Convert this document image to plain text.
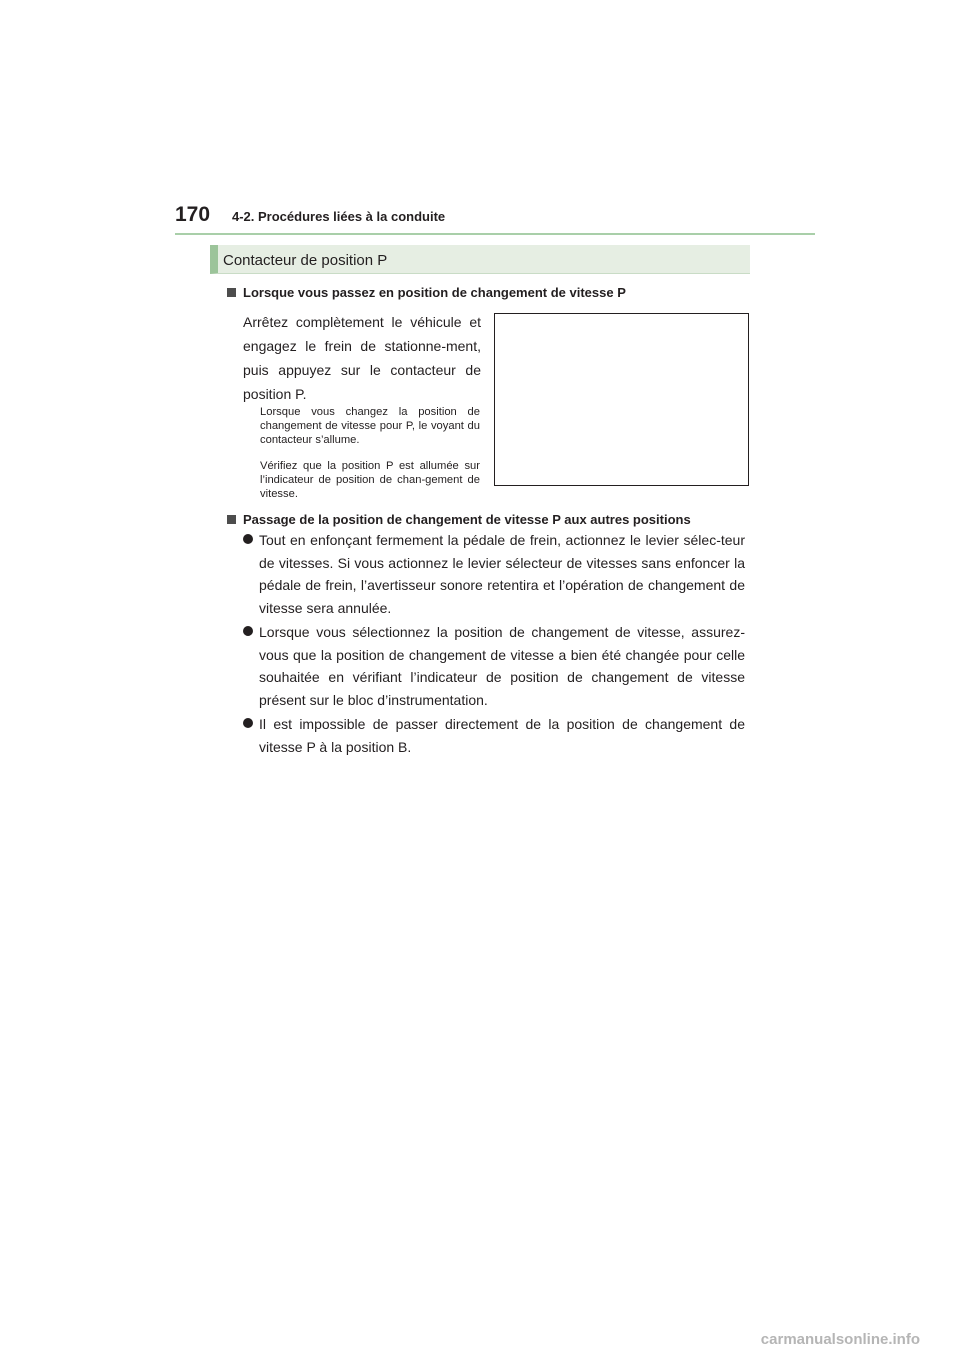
170 4-2. Procédures liées à la conduite
Contacteur de position P
Lorsque vous passez en position de changement de vitesse P
Arrêtez complètement le véhicule et engagez le frein de stationne-ment, puis appuyez sur le contacteur de position P.
Lorsque vous changez la position de changement de vitesse pour P, le voyant du contacteur s’allume.
Vérifiez que la position P est allumée sur l’indicateur de position de chan-gement de vitesse.
Passage de la position de changement de vitesse P aux autres positions
Tout en enfonçant fermement la pédale de frein, actionnez le levier sélec-teur de vitesses. Si vous actionnez le levier sélecteur de vitesses sans enfoncer la pédale de frein, l’avertisseur sonore retentira et l’opération de changement de vitesse sera annulée.
Lorsque vous sélectionnez la position de changement de vitesse, assurez-vous que la position de changement de vitesse a bien été changée pour celle souhaitée en vérifiant l’indicateur de position de changement de vitesse présent sur le bloc d’instrumentation.
Il est impossible de passer directement de la position de changement de vitesse P à la position B.
carmanualsonline.info
